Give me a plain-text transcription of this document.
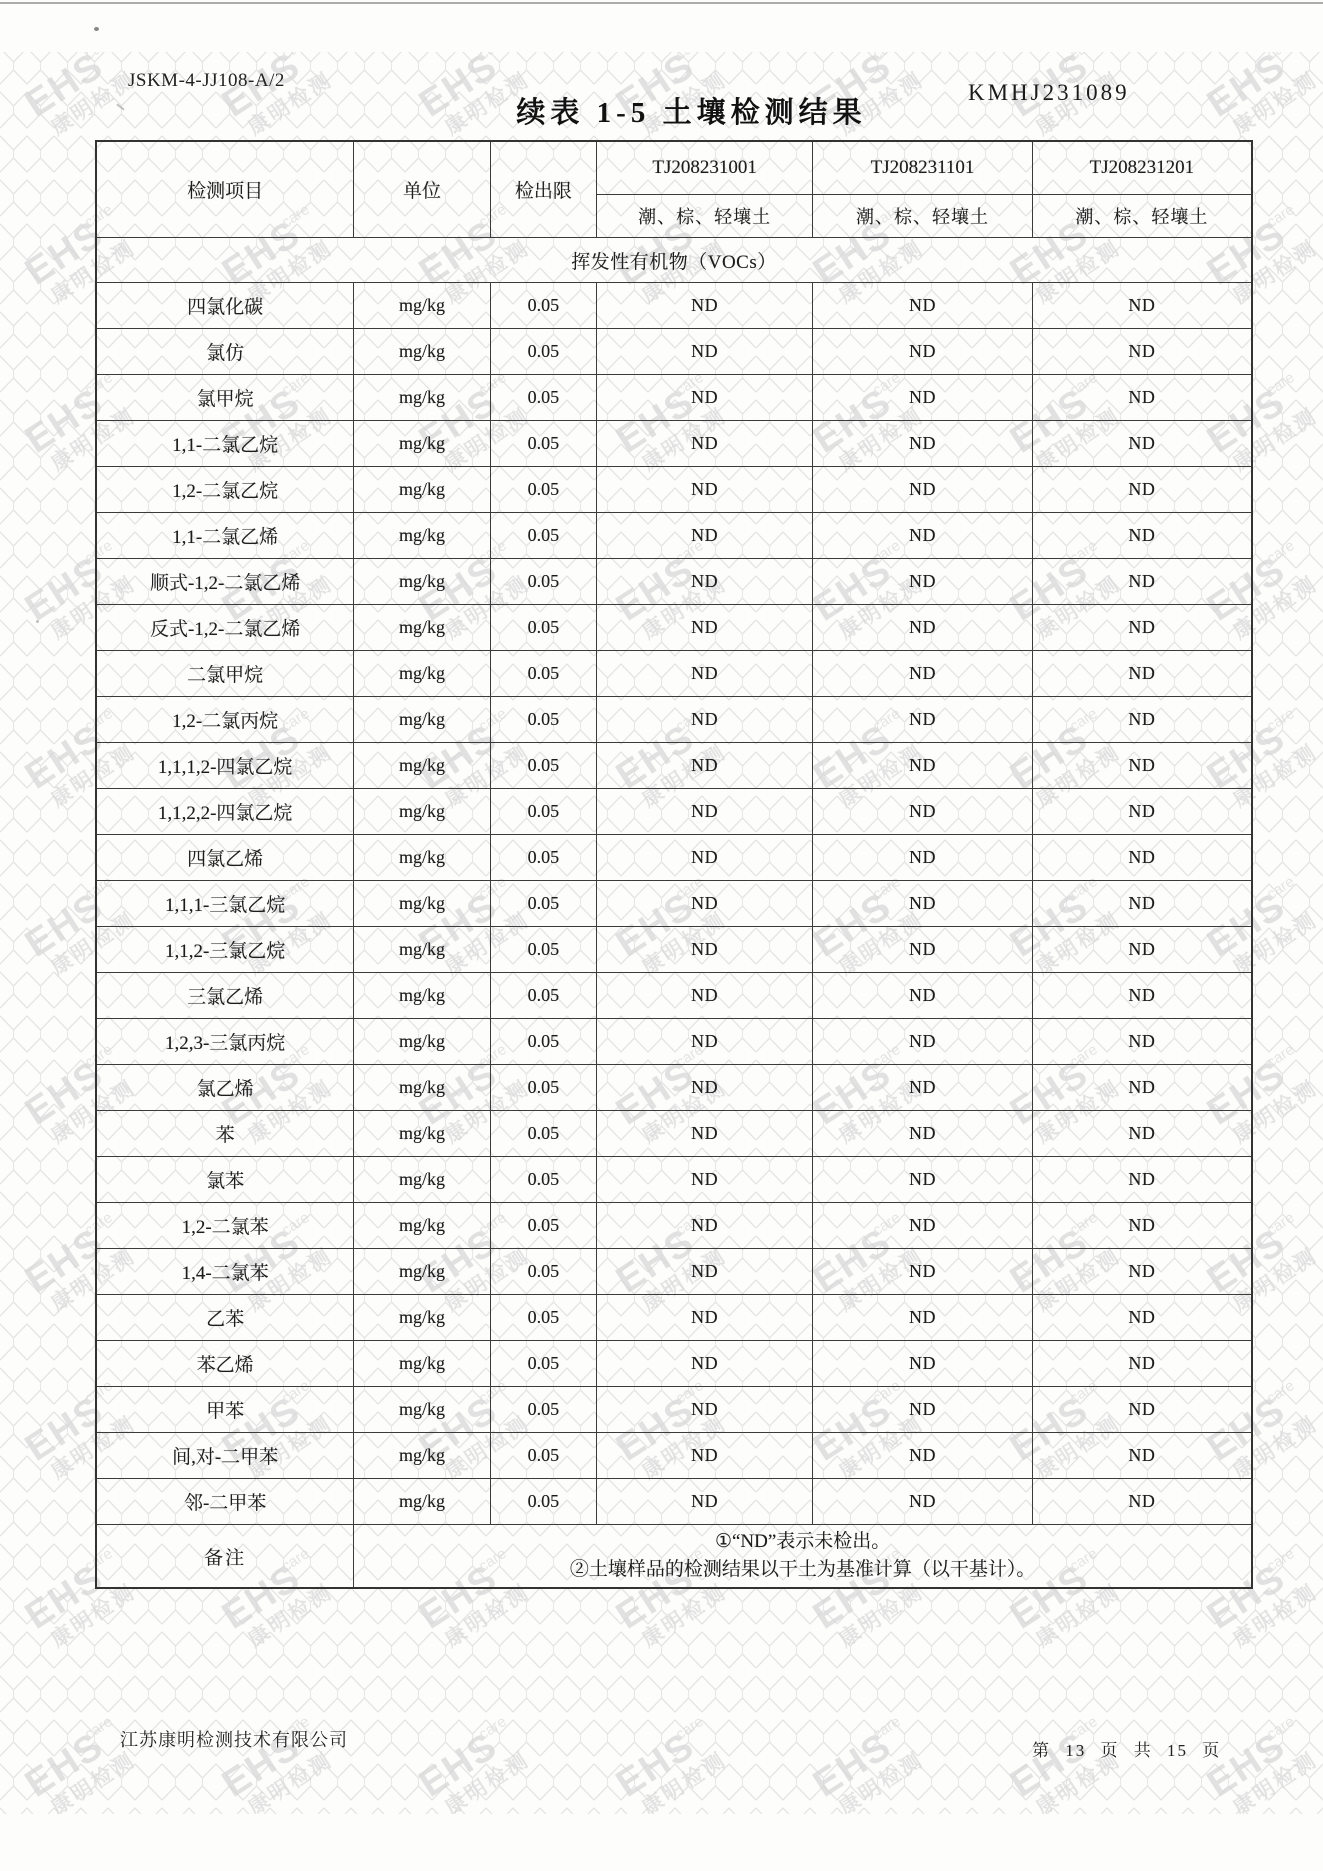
JSKM-4-JJ108-A/2	KMHJ231089
续表 1-5 土壤检测结果
检测项目	单位	检出限	TJ208231001	TJ208231101	TJ208231201
			潮、棕、轻壤土	潮、棕、轻壤土	潮、棕、轻壤土
挥发性有机物（VOCs）					
四氯化碳	mg/kg	0.05	ND	ND	ND
氯仿	mg/kg	0.05	ND	ND	ND
氯甲烷	mg/kg	0.05	ND	ND	ND
1,1-二氯乙烷	mg/kg	0.05	ND	ND	ND
1,2-二氯乙烷	mg/kg	0.05	ND	ND	ND
1,1-二氯乙烯	mg/kg	0.05	ND	ND	ND
顺式-1,2-二氯乙烯	mg/kg	0.05	ND	ND	ND
反式-1,2-二氯乙烯	mg/kg	0.05	ND	ND	ND
二氯甲烷	mg/kg	0.05	ND	ND	ND
1,2-二氯丙烷	mg/kg	0.05	ND	ND	ND
1,1,1,2-四氯乙烷	mg/kg	0.05	ND	ND	ND
1,1,2,2-四氯乙烷	mg/kg	0.05	ND	ND	ND
四氯乙烯	mg/kg	0.05	ND	ND	ND
1,1,1-三氯乙烷	mg/kg	0.05	ND	ND	ND
1,1,2-三氯乙烷	mg/kg	0.05	ND	ND	ND
三氯乙烯	mg/kg	0.05	ND	ND	ND
1,2,3-三氯丙烷	mg/kg	0.05	ND	ND	ND
氯乙烯	mg/kg	0.05	ND	ND	ND
苯	mg/kg	0.05	ND	ND	ND
氯苯	mg/kg	0.05	ND	ND	ND
1,2-二氯苯	mg/kg	0.05	ND	ND	ND
1,4-二氯苯	mg/kg	0.05	ND	ND	ND
乙苯	mg/kg	0.05	ND	ND	ND
苯乙烯	mg/kg	0.05	ND	ND	ND
甲苯	mg/kg	0.05	ND	ND	ND
间,对-二甲苯	mg/kg	0.05	ND	ND	ND
邻-二甲苯	mg/kg	0.05	ND	ND	ND
备注	①“ND”表示未检出。
②土壤样品的检测结果以干土为基准计算（以干基计）。				
江苏康明检测技术有限公司
第 13 页 共 15 页
